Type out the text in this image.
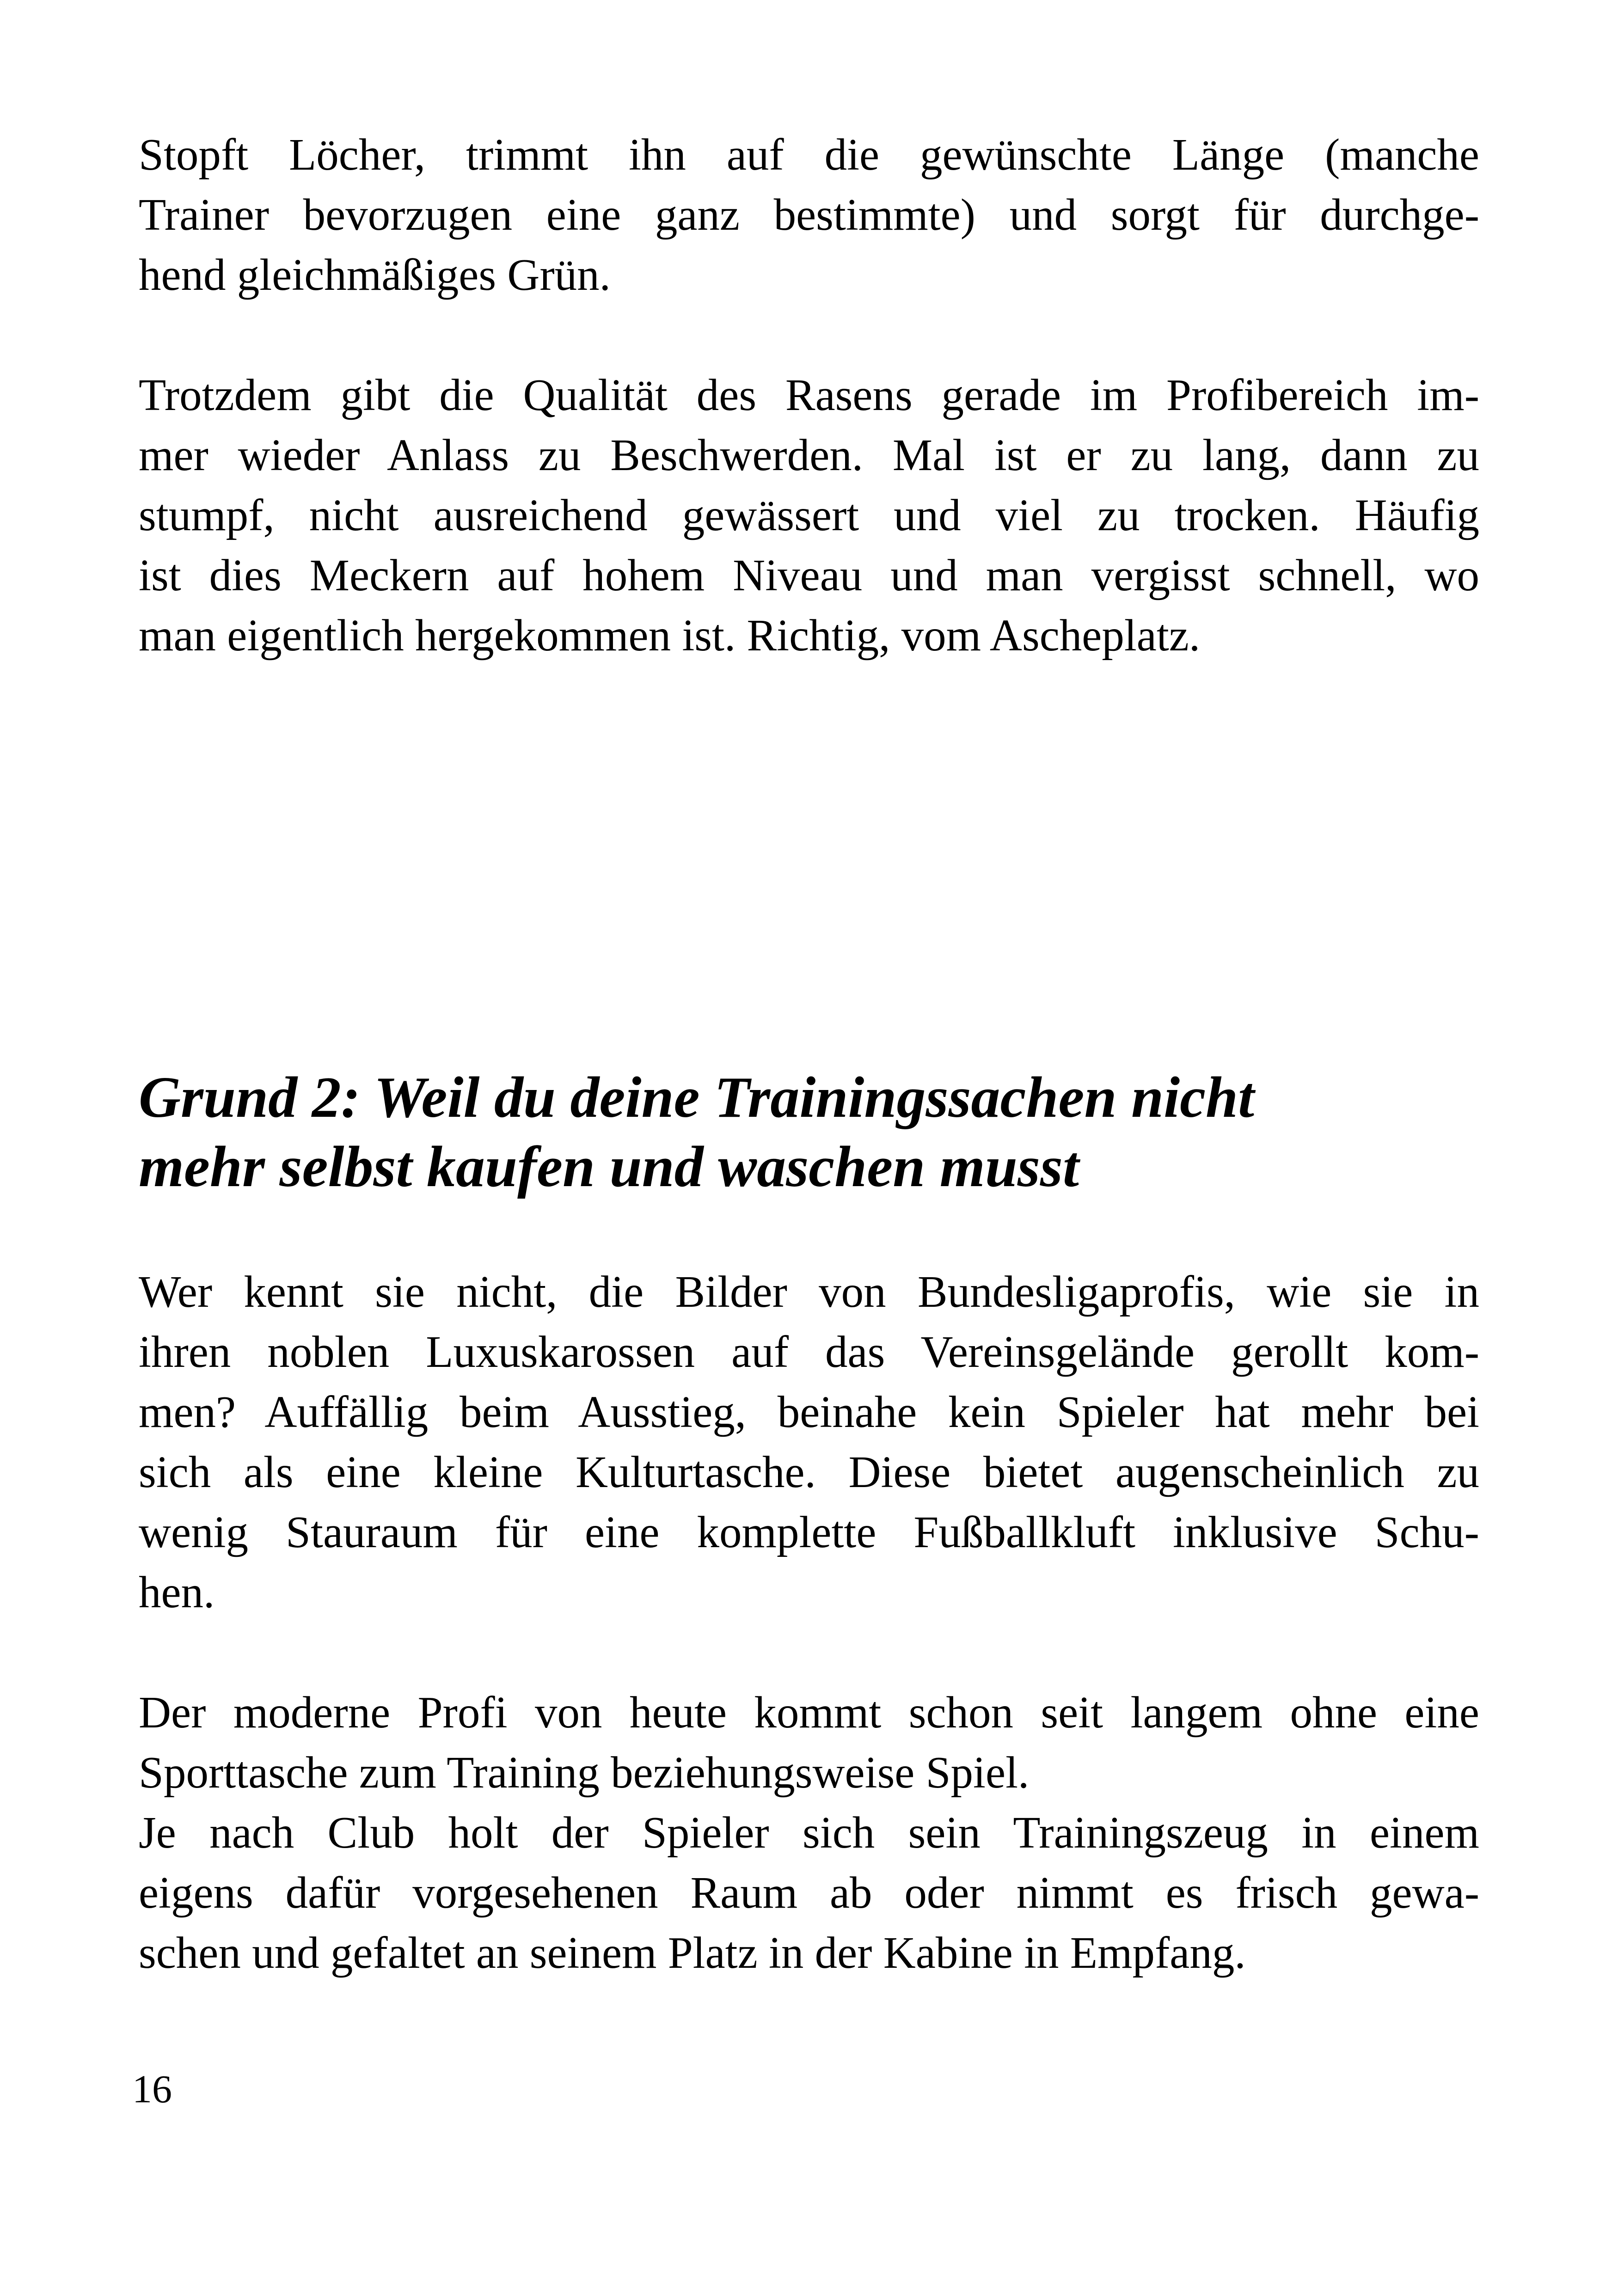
Stopft Löcher, trimmt ihn auf die gewünschte Länge (manche
Trainer bevorzugen eine ganz bestimmte) und sorgt für durchge-
hend gleichmäßiges Grün.
Trotzdem gibt die Qualität des Rasens gerade im Profibereich im-
mer wieder Anlass zu Beschwerden. Mal ist er zu lang, dann zu
stumpf, nicht ausreichend gewässert und viel zu trocken. Häufig
ist dies Meckern auf hohem Niveau und man vergisst schnell, wo
man eigentlich hergekommen ist. Richtig, vom Ascheplatz.
Grund 2: Weil du deine Trainingssachen nicht
mehr selbst kaufen und waschen musst
Wer kennt sie nicht, die Bilder von Bundesligaprofis, wie sie in
ihren noblen Luxuskarossen auf das Vereinsgelände gerollt kom-
men? Auffällig beim Ausstieg, beinahe kein Spieler hat mehr bei
sich als eine kleine Kulturtasche. Diese bietet augenscheinlich zu
wenig Stauraum für eine komplette Fußballkluft inklusive Schu-
hen.
Der moderne Profi von heute kommt schon seit langem ohne eine
Sporttasche zum Training beziehungsweise Spiel.
Je nach Club holt der Spieler sich sein Trainingszeug in einem
eigens dafür vorgesehenen Raum ab oder nimmt es frisch gewa-
schen und gefaltet an seinem Platz in der Kabine in Empfang.
16
